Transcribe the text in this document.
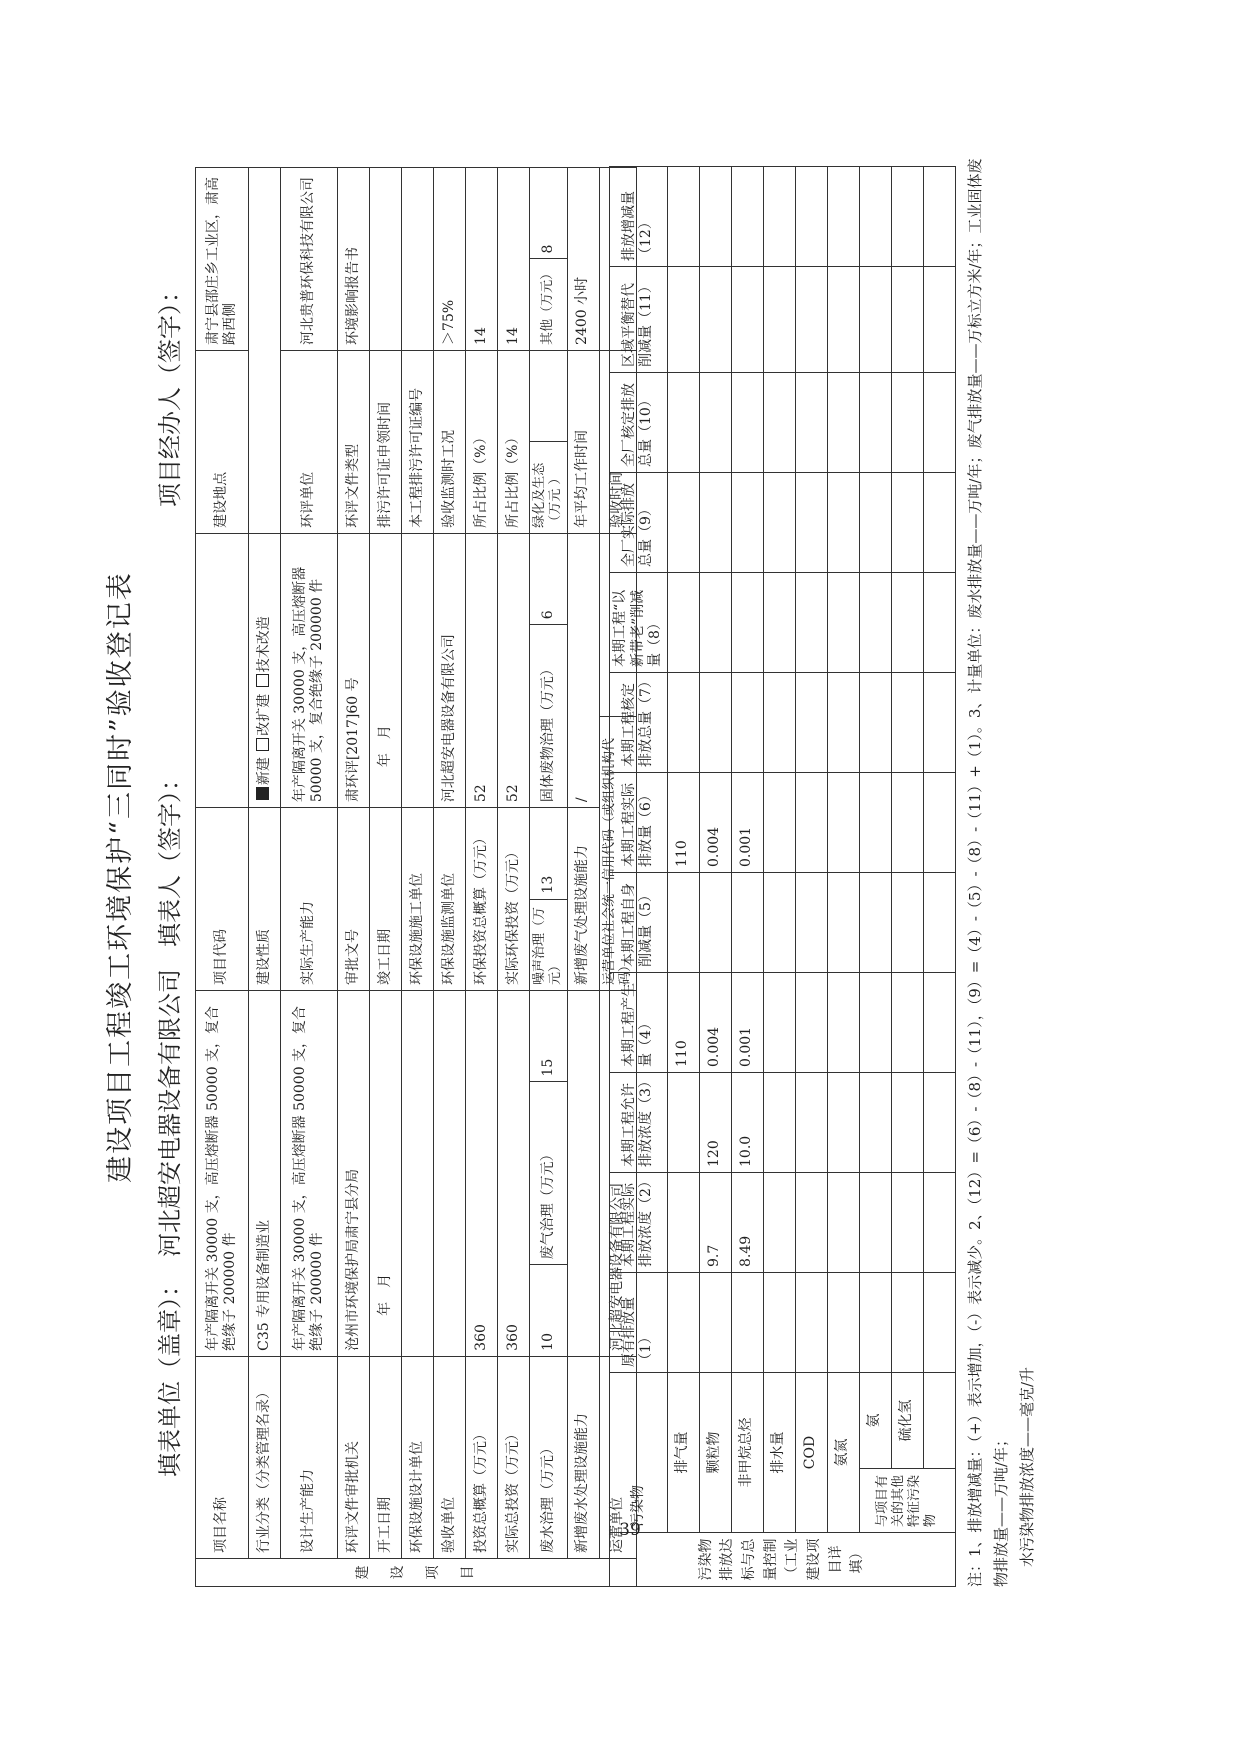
建设项目工程竣工环境保护“三同时”验收登记表
填表单位（盖章）：
河北超安电器设备有限公司
填表人（签字）：
项目经办人（签字）：
建
设
项
目	项目名称	年产隔离开关 30000 支，高压熔断器 50000 支，复合绝缘子 200000 件			项目代码					建设地点		肃宁县邵庄乡工业区，肃高路西侧	
	行业分类（分类管理名录）	C35 专用设备制造业			建设性质		新建 改扩建 技术改造						
	设计生产能力	年产隔离开关 30000 支，高压熔断器 50000 支，复合绝缘子 200000 件			实际生产能力		年产隔离开关 30000 支，高压熔断器 50000 支，复合绝缘子 200000 件			环评单位		河北贵普环保科技有限公司	
	环评文件审批机关	沧州市环境保护局肃宁县分局			审批文号		肃环评[2017]60 号			环评文件类型		环境影响报告书	
	开工日期	年　月			竣工日期		年　月			排污许可证申领时间			
	环保设施设计单位				环保设施施工单位					本工程排污许可证编号			
	验收单位				环保设施监测单位		河北超安电器设备有限公司			验收监测时工况		＞75%	
	投资总概算（万元）	360			环保投资总概算（万元）		52			所占比例（%）		14	
	实际总投资（万元）	360			实际环保投资（万元）		52			所占比例（%）		14	
	废水治理（万元）	10	废气治理（万元）	15	噪声治理（万元）	13	固体废物治理（万元）		6	绿化及生态（万元 ）		其他（万元）	8
	新增废水处理设施能力				新增废气处理设施能力		/			年平均工作时间		2400 小时	
	运营单位	河北超安电器设备有限公司			运营单位社会统一信用代码（或组织机构代码）					验收时间			
污染物排放达标与总量控制（工业建设项目详填）	污染物		原有排放量（1）	本期工程实际排放浓度（2）	本期工程允许排放浓度（3）	本期工程产生量（4）	本期工程自身削减量（5）	本期工程实际排放量（6）	本期工程核定排放总量（7）	本期工程“以新带老”削减量（8）	全厂实际排放总量（9）	全厂核定排放总量（10）	区域平衡替代削减量（11）	排放增减量（12）
	排气量					110		110						
	颗粒物			9.7	120	0.004		0.004						
	非甲烷总烃			8.49	10.0	0.001		0.001						
	排水量													
	COD													
	氨氮													
	与项目有关的其他特征污染物	氨												
		硫化氢												
													注：1、排放增减量：（+）表示增加，（-）表示减少。2、（12）=（6）-（8）-（11），（9）=（4）-（5）-（8）-（11）+（1）。3、计量单位：废水排放量——万吨/年；废气排放量——万标立方米/年；工业固体废物排放量——万吨/年； 水污染物排放浓度——毫克/升
39
